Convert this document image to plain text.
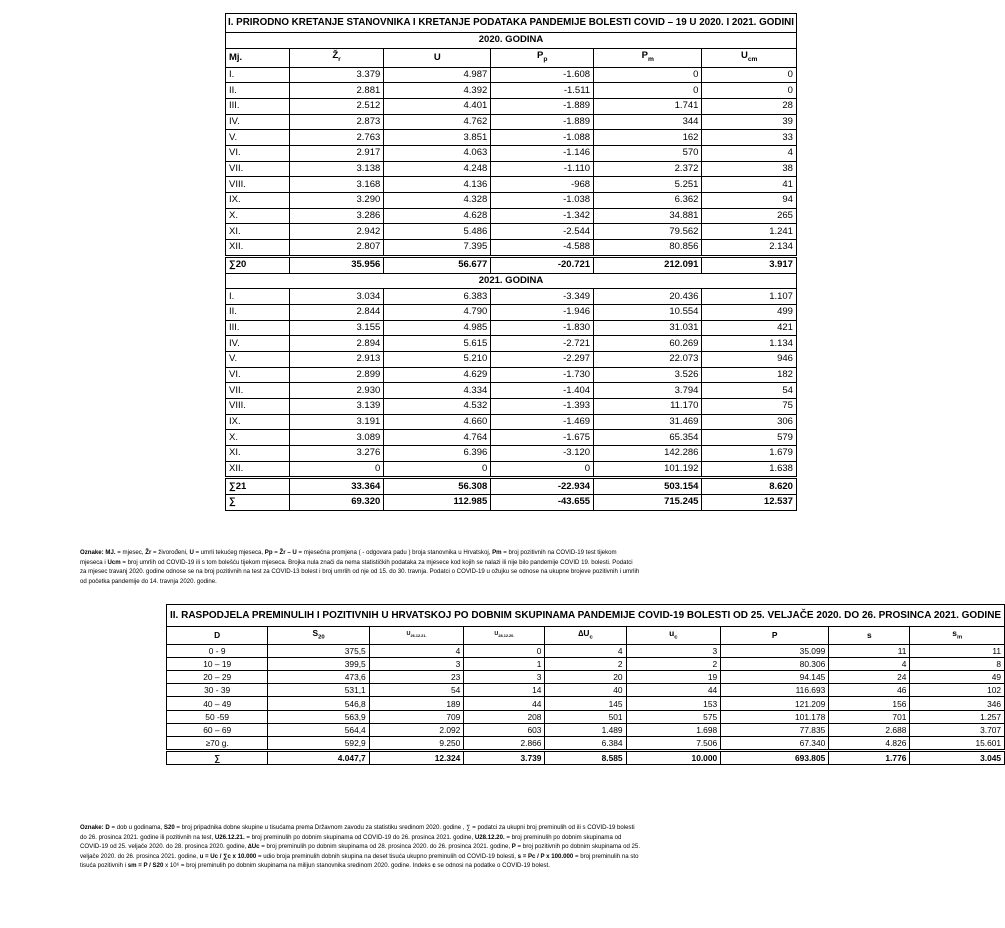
I. PRIRODNO KRETANJE STANOVNIKA I KRETANJE PODATAKA PANDEMIJE BOLESTI COVID – 19 U 2020. I 2021. GODINI					
2020. GODINA					
Mj.	$Ž_r$	U	$P_p$	$P_m$	$U_{cm}$
I.	3.379	4.987	-1.608	0	0
II.	2.881	4.392	-1.511	0	0
III.	2.512	4.401	-1.889	1.741	28
IV.	2.873	4.762	-1.889	344	39
V.	2.763	3.851	-1.088	162	33
VI.	2.917	4.063	-1.146	570	4
VII.	3.138	4.248	-1.110	2.372	38
VIII.	3.168	4.136	-968	5.251	41
IX.	3.290	4.328	-1.038	6.362	94
X.	3.286	4.628	-1.342	34.881	265
XI.	2.942	5.486	-2.544	79.562	1.241
XII.	2.807	7.395	-4.588	80.856	2.134
∑20	35.956	56.677	-20.721	212.091	3.917
2021. GODINA					
I.	3.034	6.383	-3.349	20.436	1.107
II.	2.844	4.790	-1.946	10.554	499
III.	3.155	4.985	-1.830	31.031	421
IV.	2.894	5.615	-2.721	60.269	1.134
V.	2.913	5.210	-2.297	22.073	946
VI.	2.899	4.629	-1.730	3.526	182
VII.	2.930	4.334	-1.404	3.794	54
VIII.	3.139	4.532	-1.393	11.170	75
IX.	3.191	4.660	-1.469	31.469	306
X.	3.089	4.764	-1.675	65.354	579
XI.	3.276	6.396	-3.120	142.286	1.679
XII.	0	0	0	101.192	1.638
∑21	33.364	56.308	-22.934	503.154	8.620
∑	69.320	112.985	-43.655	715.245	12.537
Oznake: MJ. = mjesec, Žr = živorođeni, U = umrli tekućeg mjeseca, Pp = Žr – U = mjesečna promjena ( - odgovara padu ) broja stanovnika u Hrvatskoj, Pm = broj pozitivnih na COVID-19 test tijekom mjeseca i Ucm = broj umrlih od COVID-19 ili s tom bolešću tijekom mjeseca. Brojka nula znači da nema statističkih podataka za mjesece kod kojih se nalazi ili nije bilo pandemije COVID 19. bolesti. Podatci za mjesec travanj 2020. godine odnose se na broj pozitivnih na test za COVID-13 bolest i broj umrlih od nje od 15. do 30. travnja. Podatci o COVID-19 u ožujku se odnose na ukupne brojeve pozitivnih i umrlih od početka pandemije do 14. travnja 2020. godine.
II. RASPODJELA PREMINULIH I POZITIVNIH U HRVATSKOJ PO DOBNIM SKUPINAMA PANDEMIJE COVID-19 BOLESTI OD 25. VELJAČE 2020. DO 26. PROSINCA 2021. GODINE								
D	$S_{20}$	$U_{26.12.21.}$	$U_{28.12.20.}$	$\Delta U_c$	$u_c$	P	s	$s_m$
0 - 9	375,5	4	0	4	3	35.099	11	11
10 – 19	399,5	3	1	2	2	80.306	4	8
20 – 29	473,6	23	3	20	19	94.145	24	49
30 - 39	531,1	54	14	40	44	116.693	46	102
40 – 49	546,8	189	44	145	153	121.209	156	346
50 -59	563,9	709	208	501	575	101.178	701	1.257
60 – 69	564,4	2.092	603	1.489	1.698	77.835	2.688	3.707
≥70 g.	592,9	9.250	2.866	6.384	7.506	67.340	4.826	15.601
∑	4.047,7	12.324	3.739	8.585	10.000	693.805	1.776	3.045
Oznake: D = dob u godinama, S20 = broj pripadnika dobne skupine u tisućama prema Državnom zavodu za statistiku sredinom 2020. godine , ∑ = podatci za ukupni broj preminulih od ili s COVID-19 bolesti do 26. prosinca 2021. godine ili pozitivnih na test, U26.12.21. = broj preminulih po dobnim skupinama od COVID-19 do 26. prosinca 2021. godine, U28.12.20. = broj preminulih po dobnim skupinama od COVID-19 od 25. veljače 2020. do 28. prosinca 2020. godine, ∆Uc = broj preminulih po dobnim skupinama od 28. prosinca 2020. do 26. prosinca 2021. godine, P = broj pozitivnih po dobnim skupinama od 25. veljače 2020. do 26. prosinca 2021. godine, u = Uc / ∑c x 10.000 = udio broja preminulih dobnih skupina na deset tisuća ukupno preminulih od COVID-19 bolesti, s = Pc / P x 100.000 = broj preminulih na sto tisuća pozitivnih i sm = P / S20 x 10⁶ = broj preminulih po dobnim skupinama na milijun stanovnika sredinom 2020. godine. Indeks c se odnosi na podatke o COVID-19 bolest.
